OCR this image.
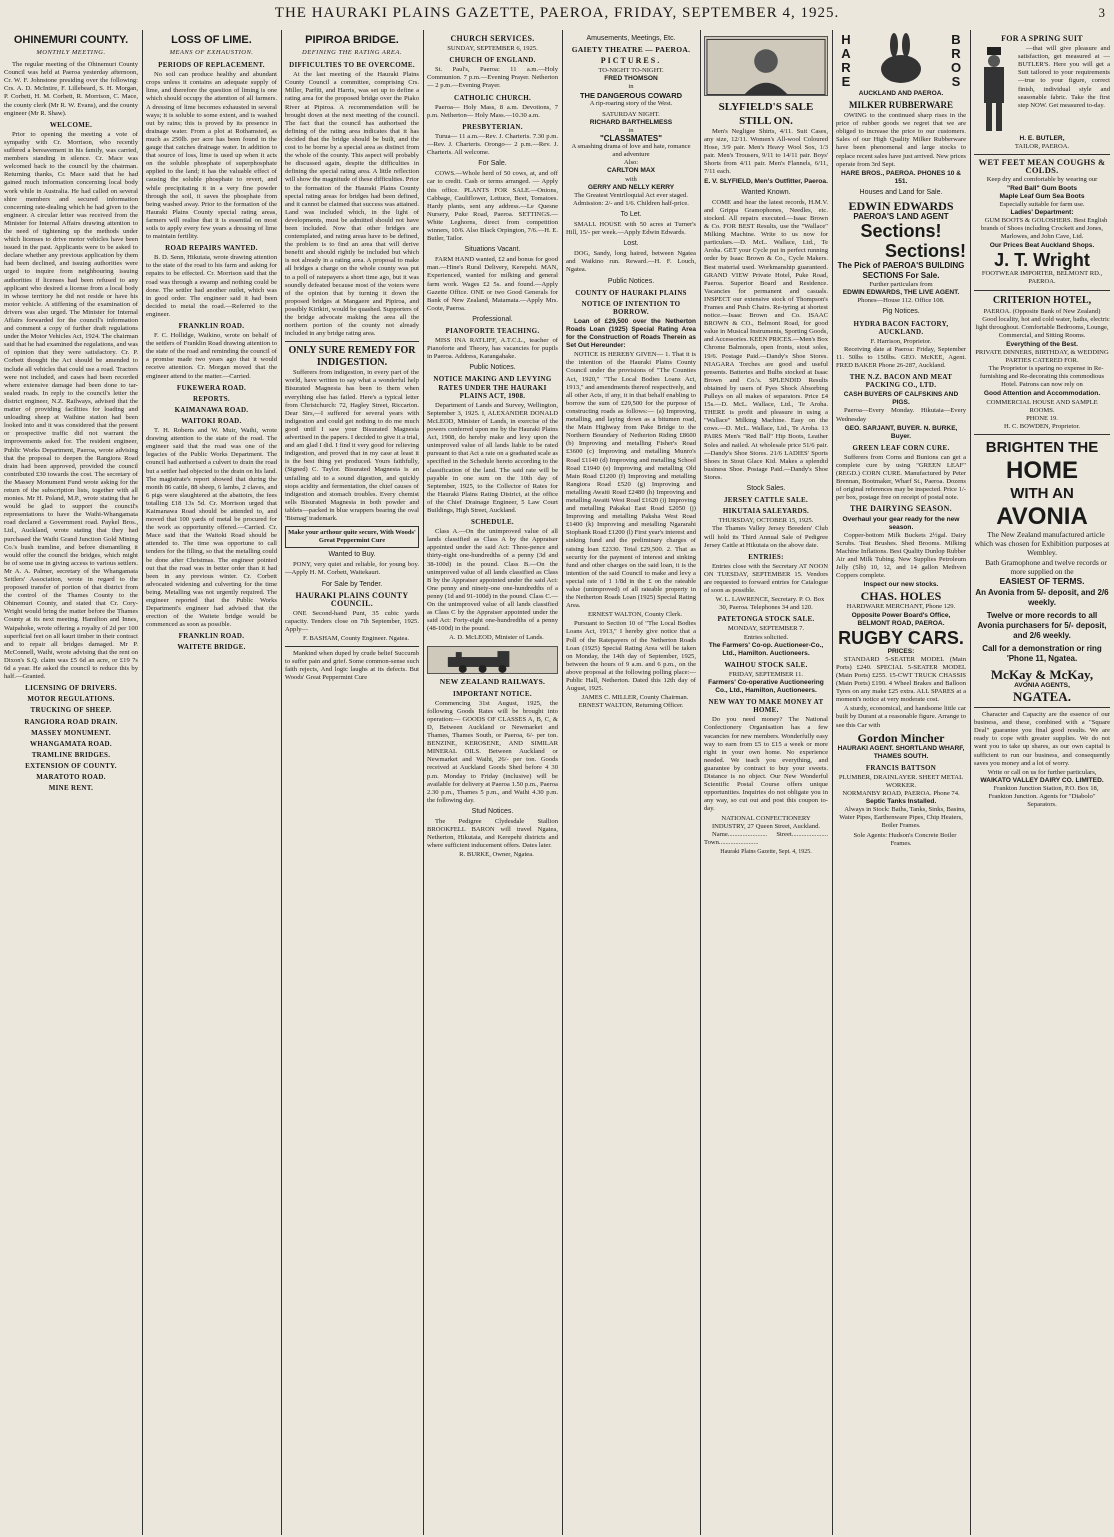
THE HAURAKI PLAINS GAZETTE, PAEROA, FRIDAY, SEPTEMBER 4, 1925.	3
OHINEMURI COUNTY.
MONTHLY MEETING.

The regular meeting of the Ohinemuri County Council was held at Paeroa yesterday afternoon, Cr. W. F. Johnstone presiding over the following: Crs. A. D. McIntire, F. Lillebeard, S. H. Morgan, P. Corbett, H. M. Corbett, R. Morrison, C. Mace, the county clerk (Mr R. W. Evans), and the county engineer (Mr R. Shaw).

WELCOME.

Prior to opening the meeting a vote of sympathy with Cr. Morrison, who recently suffered a bereavement in his family, was carried, members standing in silence. Cr. Mace was welcomed back to the council by the chairman. Returning thanks, Cr. Mace said that he had gained much information concerning local body work while in Australia. He had called on several shire members and secured information concerning rate-dealing which he had given to the engineer. A circular letter was received from the Minister for Internal Affairs drawing attention to the need of tightening up the methods under which licenses to drive motor vehicles have been issued in the past. Applicants were to be asked to declare whether any previous application by them had been declined, and issuing authorities were urged to inquire from neighbouring issuing authorities if licenses had been refused to any applicant who desired a license from a local body in whose territory he did not reside or have his motor vehicle. A stiffening of the examination of drivers was also urged. The Minister for Internal Affairs forwarded for the council's information and comment a copy of further draft regulations under the Motor Vehicles Act, 1924. The chairman said that he had examined the regulations, and was of opinion that they were satisfactory. Cr. P. Corbett thought the Act should be amended to include all vehicles that could use a road. Tractors were not included, and cases had been recorded where extensive damage had been done to tar-sealed roads. In reply to the council's letter the district engineer, N.Z. Railways, advised that the matter of providing facilities for loading and unloading sheep at Waihine station had been looked into and it was considered that the present or prospective traffic did not warrant the improvements asked for. The resident engineer, Public Works Department, Paeroa, wrote advising that the proposal to deepen the Rangiora Road drain had been approved, provided the council contributed £30 towards the cost. The secretary of the Massey Monument Fund wrote asking for the return of the subscription lists, together with all monies. Mr H. Poland, M.P., wrote stating that he would be glad to support the council's representations to have the Waihi-Whangamata road declared a Government road. Paykel Bros., Ltd., Auckland, wrote stating that they had purchased the Waihi Grand Junction Gold Mining Co.'s bush tramline, and before dismantling it would offer the council the bridges, which might be of some use in giving access to various settlers. Mr A. A. Palmer, secretary of the Whangamata Settlers' Association, wrote in regard to the proposed transfer of portion of that district from the control of the Thames County to the Ohinemuri County, and stated that Cr. Cory-Wright would bring the matter before the Thames County at its next meeting. Hamilton and Innes, Waipahoke, wrote offering a royalty of 2d per 100 superficial feet on all kauri timber in their contract and to repair all bridges damaged. Mr P. McConnell, Waihi, wrote advising that the rent on Dixon's S.Q. claim was £5 6d an acre, or £19 7s 6d a year. He asked the council to reduce this by half.—Granted.

LICENSING OF DRIVERS.
MOTOR REGULATIONS.
TRUCKING OF SHEEP.
RANGIORA ROAD DRAIN.
MASSEY MONUMENT.
WHANGAMATA ROAD.
TRAMLINE BRIDGES.
EXTENSION OF COUNTY.
MARATOTO ROAD.
MINE RENT.
LOSS OF LIME.
MEANS OF EXHAUSTION.
PERIODS OF REPLACEMENT.

No soil can produce healthy and abundant crops unless it contains an adequate supply of lime, and therefore the question of liming is one which should occupy the attention of all farmers. A dressing of lime becomes exhausted in several ways; it is soluble to some extent, and is washed out by rains; this is proved by its presence in drainage water. From a plot at Rothamsted, as much as 250lb. per acre has been found in the gauge that catches drainage water. In addition to that source of loss, lime is used up when it acts on the soluble phosphate of superphosphate applied to the land; it has the valuable effect of causing the soluble phosphate to revert, and while precipitating it in a very fine powder through the soil, it saves the phosphate from being washed away. Prior to the formation of the Hauraki Plains County special rating areas, farmers will realise that it is essential on most soils to apply every few years a dressing of lime to maintain fertility.

ROAD REPAIRS WANTED.

B. D. Senn, Hikutaia, wrote drawing attention to the state of the road to his farm and asking for repairs to be effected. Cr. Morrison said that the road was through a swamp and nothing could be done. The settler had another outlet, which was in good order. The engineer said it had been decided to metal the road.—Referred to the engineer.

FRANKLIN ROAD.

F. C. Hollidge, Waikino, wrote on behalf of the settlers of Franklin Road drawing attention to the state of the road and reminding the council of a promise made two years ago that it would receive attention. Cr. Morgan moved that the engineer attend to the matter.—Carried.

FUKEWERA ROAD.
REPORTS.
KAIMANAWA ROAD.
WAITOKI ROAD.

T. H. Roberts and W. Muir, Waihi, wrote drawing attention to the state of the road. The engineer said that the road was one of the legacies of the Public Works Department. The council had authorised a culvert to drain the road but a settler had objected to the drain on his land. The magistrate's report showed that during the month 86 cattle, 88 sheep, 6 lambs, 2 claves, and 6 pigs were slaughtered at the abattoirs, the fees totalling £18 13s 5d. Cr. Morrison urged that Kaimanawa Road should be attended to, and moved that 100 yards of metal be procured for the work as opportunity offered.—Carried. Cr. Mace said that the Waitoki Road should be attended to. The time was opportune to call tenders for the filling, so that the metalling could be done after Christmas. The engineer pointed out that the road was in better order than it had been in any previous winter. Cr. Corbett advocated widening and culverting for the time being. Metalling was not urgently required. The engineer reported that the Public Works Department's engineer had advised that the erection of the Waitete bridge would be commenced as soon as possible.

FRANKLIN ROAD.
WAITETE BRIDGE.
PIPIROA BRIDGE.
DEFINING THE RATING AREA.
DIFFICULTIES TO BE OVERCOME.

At the last meeting of the Hauraki Plains County Council a committee, comprising Crs. Miller, Parfitt, and Harris, was set up to define a rating area for the proposed bridge over the Piako River at Pipiroa. A recommendation will be brought down at the next meeting of the council. The fact that the council has authorised the defining of the rating area indicates that it has decided that the bridge should be built, and the cost to be borne by a special area as distinct from the whole of the county. This aspect will probably be discussed again, despite the difficulties in defining the special rating area. A little reflection will show the magnitude of these difficulties. Prior to the formation of the Hauraki Plains County special rating areas for bridges had been defined, and it cannot be claimed that success was attained. Land was included which, in the light of developments, must be admitted should not have been included. Now that other bridges are contemplated, and rating areas have to be defined, the problem is to find an area that will derive benefit and should rightly be included but which is not already in a rating area. A proposal to make all bridges a charge on the whole county was put to a poll of ratepayers a short time ago, but it was soundly defeated because most of the voters were of the opinion that by turning it down the proposed bridges at Mangaere and Pipiroa, and possibly Kirikiri, would be quashed. Supporters of the bridge advocate making the area all the northern portion of the county not already included in any bridge rating area.

ONLY SURE REMEDY FOR INDIGESTION.

Sufferers from indigestion, in every part of the world, have written to say what a wonderful help Bisurated Magnesia has been to them when everything else has failed. Here's a typical letter from Christchurch: 72, Hagley Street, Riccarton. Dear Sirs,—I suffered for several years with indigestion and could get nothing to do me much good until I saw your Bisurated Magnesia advertised in the papers. I decided to give it a trial, and am glad I did. I find it very good for relieving indigestion, and proved that in my case at least it is the best thing yet produced. Yours faithfully, (Signed) C. Taylor. Bisurated Magnesia is an unfailing aid to a sound digestion, and quickly stops acidity and fermentation, the chief causes of indigestion and stomach troubles. Every chemist sells Bisurated Magnesia in both powder and tablets—packed in blue wrappers bearing the oval 'Bismag' trademark.

Make your arthour quite secure, With Woods' Great Peppermint Cure
Wanted to Buy.

PONY, very quiet and reliable, for young boy.—Apply H. M. Corbett, Waitekauri.

For Sale by Tender.
HAURAKI PLAINS COUNTY COUNCIL.

ONE Second-hand Punt, 35 cubic yards capacity. Tenders close on 7th September, 1925. Apply—

F. BASHAM, County Engineer. Ngatea.

Mankind when duped by crude belief Succumb to suffer pain and grief. Some common-sense such faith rejects, And logic laughs at its defects. But Woods' Great Peppermint Cure

CHURCH SERVICES.
SUNDAY, SEPTEMBER 6, 1925.
CHURCH OF ENGLAND.

St. Paul's, Paeroa: 11 a.m.—Holy Communion. 7 p.m.—Evening Prayer. Netherton— 2 p.m.—Evening Prayer.

CATHOLIC CHURCH.

Paeroa— Holy Mass, 8 a.m. Devotions, 7 p.m. Netherton— Holy Mass.—10.30 a.m.

PRESBYTERIAN.

Turua— 11 a.m.—Rev. J. Charteris. 7.30 p.m.—Rev. J. Charteris. Orongo— 2 p.m.—Rev. J. Charteris. All welcome.

For Sale.

COWS.—Whole herd of 50 cows, at, and off car to credit. Cash or terms arranged. — Apply this office. PLANTS FOR SALE.—Onions, Cabbage, Cauliflower, Lettuce, Beet, Tomatoes. Hardy plants, sent any address.—Le Quesne Nursery, Puke Road, Paeroa. SETTINGS.—White Leghorns, direct from competition winners, 10/6. Also Black Orpington, 7/6.—H. E. Butler, Tailor.

Situations Vacant.

FARM HAND wanted, £2 and bonus for good man.—Hine's Rural Delivery, Kerepehi. MAN, Experienced, wanted for milking and general farm work. Wages £2 5s. and found.—Apply Gazette Office. ONE or two Good Generals for Bank of New Zealand, Matamata.—Apply Mrs. Coote, Paeroa.

Professional.
PIANOFORTE TEACHING.

MISS INA RATLIFF, A.T.C.L., teacher of Pianoforte and Theory, has vacancies for pupils in Paeroa. Address, Karangahake.

Public Notices.
NOTICE MAKING AND LEVYING RATES UNDER THE HAURAKI PLAINS ACT, 1908.

Department of Lands and Survey, Wellington, September 3, 1925. I, ALEXANDER DONALD McLEOD, Minister of Lands, in exercise of the powers conferred upon me by the Hauraki Plains Act, 1908, do hereby make and levy upon the unimproved value of all lands liable to be rated pursuant to that Act a rate on a graduated scale as specified in the Schedule hereto according to the classification of the land. The said rate will be payable in one sum on the 10th day of September, 1925, to the Collector of Rates for the Hauraki Plains Rating District, at the office of the Chief Drainage Engineer, 5 Law Court Buildings, High Street, Auckland.

SCHEDULE.

Class A.—On the unimproved value of all lands classified as Class A by the Appraiser appointed under the said Act: Three-pence and thirty-eight one-hundredths of a penny (3d and 38-100d) in the pound. Class B.—On the unimproved value of all lands classified as Class B by the Appraiser appointed under the said Act: One penny and ninety-one one-hundredths of a penny (1d and 91-100d) in the pound. Class C.—On the unimproved value of all lands classified as Class C by the Appraiser appointed under the said Act: Forty-eight one-hundredths of a penny (48-100d) in the pound.

A. D. McLEOD, Minister of Lands.

NEW ZEALAND RAILWAYS.
IMPORTANT NOTICE.

Commencing 31st August, 1925, the following Goods Rates will be brought into operation:— GOODS OF CLASSES A, B, C, & D, Between Auckland or Newmarket and Thames, Thames South, or Paeroa, 6/- per ton. BENZINE, KEROSENE, AND SIMILAR MINERAL OILS. Between Auckland or Newmarket and Waihi, 26/- per ton. Goods received at Auckland Goods Shed before 4 30 p.m. Monday to Friday (inclusive) will be available for delivery at Paeroa 1.50 p.m., Paeroa 2.30 p.m., Thames 5 p.m., and Waihi 4.30 p.m. the following day.

Stud Notices.

The Pedigree Clydesdale Stallion BROOKFELL BARON will travel Ngatea, Netherton, Hikutaia, and Kerepehi districts and where sufficient inducement offers. Dates later.

R. BURKE, Owner, Ngatea.

Amusements, Meetings, Etc.
GAIETY THEATRE — PAEROA.
PICTURES.
TO-NIGHT TO-NIGHT.
FRED THOMSON
in
THE DANGEROUS COWARD
A rip-roaring story of the West.
SATURDAY NIGHT.
RICHARD BARTHELMESS
in
"CLASSMATES"
A smashing drama of love and hate, romance and adventure
Also:
CARLTON MAX
with
GERRY AND NELLY KERRY
The Greatest Ventriloquial Act ever staged.
Admission: 2/- and 1/6. Children half-price.
To Let.

SMALL HOUSE with 50 acres at Turner's Hill, 15/- per week.—Apply Edwin Edwards.

Lost.

DOG, Sandy, long haired, between Ngatea and Waikino run. Reward.—H. F. Louch, Ngatea.

Public Notices.
COUNTY OF HAURAKI PLAINS
NOTICE OF INTENTION TO BORROW.

Loan of £29,500 over the Netherton Roads Loan (1925) Special Rating Area for the Construction of Roads Therein as Set Out Hereunder:

NOTICE IS HEREBY GIVEN— 1. That it is the intention of the Hauraki Plains County Council under the provisions of "The Counties Act, 1920," "The Local Bodies Loans Act, 1913," and amendments thereof respectively, and all other Acts, if any, it in that behalf enabling to borrow the sum of £29,500 for the purpose of constructing roads as follows:— (a) Improving, metalling, and laying down as a bitumen road, the Main Highway from Pake Bridge to the Northern Boundary of Netherton Riding £8600 (b) Improving and metalling Fisher's Road £3600 (c) Improving and metalling Munro's Road £1140 (d) Improving and metalling School Road £1940 (e) Improving and metalling Old Main Road £1200 (f) Improving and metalling Rangiora Road £520 (g) Improving and metalling Awaiti Road £2480 (h) Improving and metalling Awaiti West Road £1620 (i) Improving and metalling Pakakai East Road £2050 (j) Improving and metalling Paksha West Road £1400 (k) Improving and metalling Ngararahi Stopbank Road £1200 (l) First year's interest and sinking fund and the preliminary charges of raising loan £2330. Total £29,500. 2. That as security for the payment of interest and sinking fund and other charges on the said loan, it is the intention of the said Council to make and levy a special rate of 1 1/8d in the £ on the rateable value (unimproved) of all rateable property in the Netherton Roads Loan (1925) Special Rating Area.

ERNEST WALTON, County Clerk.

Pursuant to Section 10 of "The Local Bodies Loans Act, 1913," I hereby give notice that a Poll of the Ratepayers of the Netherton Roads Loan (1925) Special Rating Area will be taken on Monday, the 14th day of September, 1925, between the hours of 9 a.m. and 6 p.m., on the above proposal at the following polling place:— Public Hall, Netherton. Dated this 12th day of August, 1925.

JAMES C. MILLER, County Chairman. ERNEST WALTON, Returning Officer.

SLYFIELD'S SALE STILL ON.

Men's Negligee Shirts, 4/11. Suit Cases, any size, 12/11. Women's All-wool Coloured Hose, 3/9 pair. Men's Heavy Wool Sox, 1/3 pair. Men's Trousers, 9/11 to 14/11 pair. Boys' Shorts from 4/11 pair. Men's Flannels, 6/11, 7/11 each.

E. V. SLYFIELD, Men's Outfitter, Paeroa.
Wanted Known.

COME and hear the latest records, H.M.V. and Grippa Gramophones, Needles, etc. stocked. All repairs executed.—Isaac Brown & Co. FOR BEST Results, use the "Wallace" Milking Machine. Write to us now for particulars.—D. McL. Wallace, Ltd., Te Aroha. GET your Cycle put in perfect running order by Isaac Brown & Co., Cycle Makers. Best material used. Workmanship guaranteed. GRAND VIEW Private Hotel, Puke Road, Paeroa. Superior Board and Residence. Vacancies for permanent and casuals. INSPECT our extensive stock of Thompson's Frames and Push Chairs. Re-tyring at shortest notice.—Isaac Brown and Co. ISAAC BROWN & CO., Belmont Road, for good value in Musical Instruments, Sporting Goods, and Accessories. KEEN PRICES.—Men's Box Chrome Balmorals, open fronts, stout soles, 19/6. Postage Paid.—Dandy's Shoe Stores. NIAGARA Torches are good and useful presents. Batteries and Bulbs stocked at Isaac Brown and Co.'s. SPLENDID Results obtained by users of Pyes Shock Absorbing Pulleys on all makes of separators. Price £4 15s.—D. McL. Wallace, Ltd., Te Aroha. THERE is profit and pleasure in using a "Wallace" Milking Machine. Easy on the cows.—D. McL. Wallace, Ltd., Te Aroha. 13 PAIRS Men's "Red Ball" Hip Boots, Leather Soles and nailed. At wholesale price 51/6 pair.—Dandy's Shoe Stores. 21/6 LADIES' Sports Shoes in Stout Glace Kid. Makes a splendid business Shoe. Postage Paid.—Dandy's Shoe Stores.

Stock Sales.
JERSEY CATTLE SALE.
HIKUTAIA SALEYARDS.
THURSDAY, OCTOBER 15, 1925.

The Thames Valley Jersey Breeders' Club will hold its Third Annual Sale of Pedigree Jersey Cattle at Hikutaia on the above date.

ENTRIES:

Entries close with the Secretary AT NOON ON TUESDAY, SEPTEMBER 15. Vendors are requested to forward entries for Catalogue of soon as possible.

W. L. LAWRENCE, Secretary. P. O. Box 30, Paeroa. Telephones 34 and 120.

PATETONGA STOCK SALE.
MONDAY, SEPTEMBER 7.
Entries solicited.
The Farmers' Co-op. Auctioneer-Co., Ltd., Hamilton. Auctioneers.
WAIHOU STOCK SALE.
FRIDAY, SEPTEMBER 11.
Farmers' Co-operative Auctioneering Co., Ltd., Hamilton, Auctioneers.
NEW WAY TO MAKE MONEY AT HOME.

Do you need money? The National Confectionery Organisation has a few vacancies for new members. Wonderfully easy way to earn from £5 to £15 a week or more right in your own home. No experience needed. We teach you everything, and guarantee by contract to buy your sweets. Distance is no object. Our New Wonderful Scientific Postal Course offers unique opportunities. Inquiries do not obligate you in any way, so cut out and post this coupon to-day.

NATIONAL CONFECTIONERY INDUSTRY, 27 Queen Street, Auckland.

Name........................ Street...................... Town........................

Hauraki Plains Gazette, Sept. 4, 1925.
H A R E
B R O S
AUCKLAND AND PAEROA.
MILKER RUBBERWARE

OWING to the continued sharp rises in the price of rubber goods we regret that we are obliged to increase the price to our customers. Sales of our High Quality Milker Rubberware have been phenomenal and large stocks to replace recent sales have just arrived. New prices operate from 3rd Sept.

HARE BROS., PAEROA. PHONES 10 & 151.
Houses and Land for Sale.
EDWIN EDWARDS
PAEROA'S LAND AGENT
Sections!
Sections!
The Pick of PAEROA'S BUILDING SECTIONS For Sale.
Further particulars from
EDWIN EDWARDS, THE LIVE AGENT.
Phones—House 112. Office 108.
Pig Notices.
HYDRA BACON FACTORY, AUCKLAND.
F. Harrison, Proprietor.

Receiving date at Paeroa: Friday, September 11. 50lbs to 150lbs. GEO. McKEE, Agent. FRED BAKER Phone 26-287, Auckland.

THE N.Z. BACON AND MEAT PACKING CO., LTD.
CASH BUYERS OF CALFSKINS AND PIGS.

Paeroa—Every Monday. Hikutaia—Every Wednesday

GEO. SARJANT, BUYER. N. BURKE, Buyer.
GREEN LEAF CORN CURE.

Sufferers from Corns and Bunions can get a complete cure by using "GREEN LEAF" (REGD.) CORN CURE. Manufactured by Peter Brennan, Bootmaker, Wharf St., Paeroa. Dozens of original references may be inspected. Price 1/- per box, postage free on receipt of postal note.

THE DAIRYING SEASON.
Overhaul your gear ready for the new season.

Copper-bottom Milk Buckets 2½gal. Dairy Scrubs. Teat Brushes. Shed Brooms. Milking Machine Inflations. Best Quality Dunlop Rubber Air and Milk Tubing. New Supplies Petroleum Jelly (5lb) 10, 12, and 14 gallon Methven Coppers complete.

Inspect our new stocks.
CHAS. HOLES
HARDWARE MERCHANT, Phone 129.
Opposite Power Board's Office, BELMONT ROAD, PAEROA.
RUGBY CARS.
PRICES:

STANDARD 5-SEATER MODEL (Main Ports) £240. SPECIAL 5-SEATER MODEL (Main Ports) £255. 15-CWT TRUCK CHASSIS (Main Ports) £190. 4 Wheel Brakes and Balloon Tyres on any make £25 extra. ALL SPARES at a moment's notice at very moderate cost.

A sturdy, economical, and handsome little car built by Durant at a reasonable figure. Arrange to see this Car with

Gordon Mincher
HAURAKI AGENT. SHORTLAND WHARF, THAMES SOUTH.
FRANCIS BATTSON
PLUMBER, DRAINLAYER. SHEET METAL WORKER.
NORMANBY ROAD, PAEROA. Phone 74.
Septic Tanks Installed.

Always in Stock: Baths, Tanks, Sinks, Basins, Water Pipes, Earthenware Pipes, Chip Heaters, Boiler Frames.

Sole Agents: Hudson's Concrete Boiler Frames.

FOR A SPRING SUIT

—that will give pleasure and satisfaction, get measured at — BUTLER'S. Here you will get a Suit tailored to your requirements—true to your figure, correct finish, individual style and seasonable fabric. Take the first step NOW. Get measured to-day.

H. E. BUTLER,
TAILOR, PAEROA.
WET FEET MEAN COUGHS & COLDS.
Keep dry and comfortable by wearing our
"Red Ball" Gum Boots
Maple Leaf Gum Sea Boots
Especially suitable for farm use.
Ladies' Department:

GUM BOOTS & GOLOSHERS. Best English brands of Shoes including Crockett and Jones, Marlowes, and John Cave, Ltd.

Our Prices Beat Auckland Shops.
J. T. Wright
FOOTWEAR IMPORTER, BELMONT RD., PAEROA.
CRITERION HOTEL,
PAEROA. (Opposite Bank of New Zealand)

Good locality, hot and cold water, baths, electric light throughout. Comfortable Bedrooms, Lounge, Commercial, and Sitting Rooms.

Everything of the Best.
PRIVATE DINNERS, BIRTHDAY, & WEDDING PARTIES CATERED FOR.

The Proprietor is sparing no expense in Re-furnishing and Re-decorating this commodious Hotel. Patrons can now rely on

Good Attention and Accommodation.
COMMERCIAL HOUSE AND SAMPLE ROOMS.
PHONE 19.
H. C. BOWDEN, Proprietor.
BRIGHTEN THE
HOME
WITH AN
AVONIA

The New Zealand manufactured article which was chosen for Exhibition purposes at Wembley.

Bath Gramophone and twelve records or more supplied on the

EASIEST OF TERMS.
An Avonia from 5/- deposit, and 2/6 weekly.
Twelve or more records to all Avonia purchasers for 5/- deposit, and 2/6 weekly.
Call for a demonstration or ring 'Phone 11, Ngatea.
McKay & McKay,
AVONIA AGENTS,
NGATEA.

Character and Capacity are the essence of our business, and these, combined with a "Square Deal" guarantee you final good results. We are ready to cope with greater supplies. We do not want you to take up shares, as our own capital is sufficient to run our business, and consequently saves you money and a lot of worry.

Write or call on us for further particulars,
WAIKATO VALLEY DAIRY CO. LIMITED.

Frankton Junction Station, P.O. Box 18, Frankton Junction. Agents for "Diabolo" Separators.
